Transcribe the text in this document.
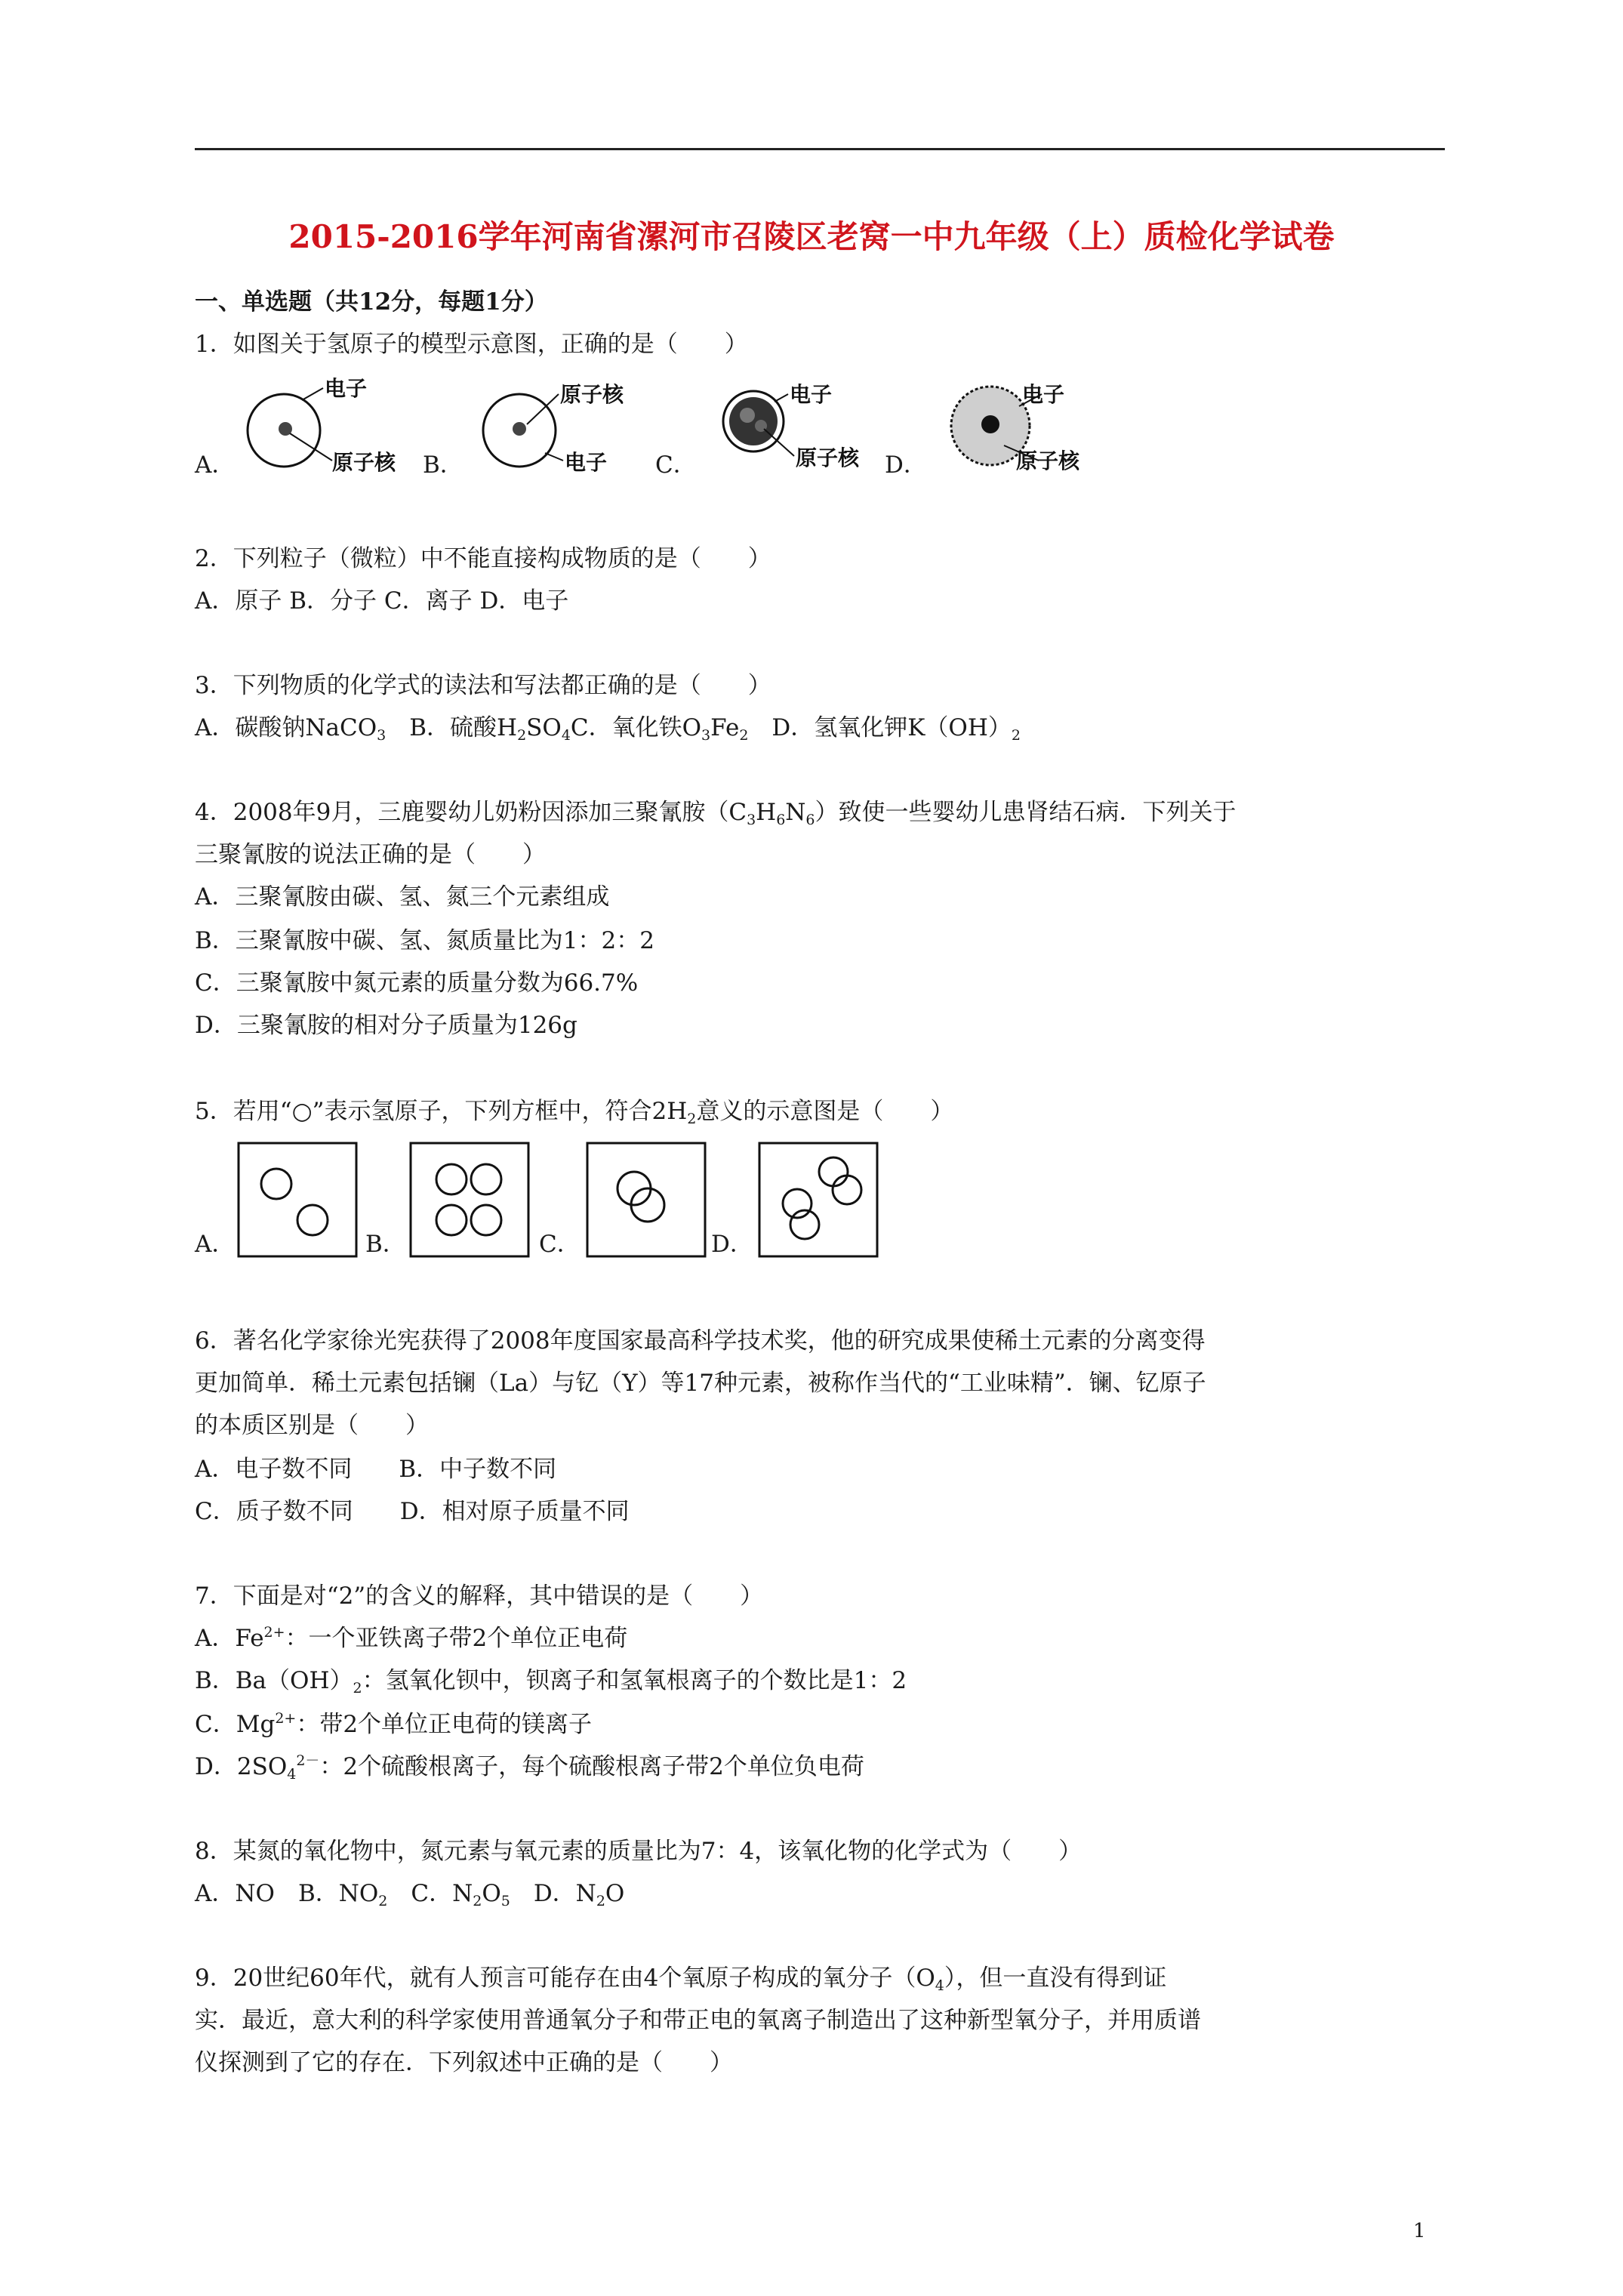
2015-2016学年河南省漯河市召陵区老窝一中九年级（上）质检化学试卷
一、单选题（共12分，每题1分）
1．如图关于氢原子的模型示意图，正确的是（　　）
A．	B．	C．	D．
电子
原子核
原子核
电子
电子
原子核
电子
原子核
2．下列粒子（微粒）中不能直接构成物质的是（　　）
A．原子 B．分子 C．离子 D．电子
3．下列物质的化学式的读法和写法都正确的是（　　）
A．碳酸钠NaCO$_3$　 B．硫酸$H_2SO_4C$．氧化铁$O_3Fe_2$　 D．氢氧化钾$K(OH)_2$
4．2008年9月，三鹿婴幼儿奶粉因添加三聚氰胺$(C_3H_6N_6)$致使一些婴幼儿患肾结石病．下列关于
三聚氰胺的说法正确的是（　　）
A．三聚氰胺由碳、氢、氮三个元素组成
B．三聚氰胺中碳、氢、氮质量比为1：2：2
C．三聚氰胺中氮元素的质量分数为66.7%
D．三聚氰胺的相对分子质量为126g
5．若用“○”表示氢原子，下列方框中，符合$2H_2$意义的示意图是（　　）
A．	B．	C．	D．
6．著名化学家徐光宪获得了2008年度国家最高科学技术奖，他的研究成果使稀土元素的分离变得
更加简单．稀土元素包括镧（La）与钇（Y）等17种元素，被称作当代的“工业味精”．镧、钇原子
的本质区别是（　　）
A．电子数不同　　B．中子数不同
C．质子数不同　　D．相对原子质量不同
7．下面是对“2”的含义的解释，其中错误的是（　　）
A．$Fe^{2+}$：一个亚铁离子带2个单位正电荷
B．$Ba(OH)_2$：氢氧化钡中，钡离子和氢氧根离子的个数比是1：2
C．$Mg^{2+}$：带2个单位正电荷的镁离子
D．$2SO_4^{2-}$：2个硫酸根离子，每个硫酸根离子带2个单位负电荷
8．某氮的氧化物中，氮元素与氧元素的质量比为7：4，该氧化物的化学式为（　　）
A．NO　B．$NO_2$　C．$N_2O_5$　D．$N_2O$
9．20世纪60年代，就有人预言可能存在由4个氧原子构成的氧分子$(O_4)$，但一直没有得到证
实．最近，意大利的科学家使用普通氧分子和带正电的氧离子制造出了这种新型氧分子，并用质谱
仪探测到了它的存在．下列叙述中正确的是（　　）
1
